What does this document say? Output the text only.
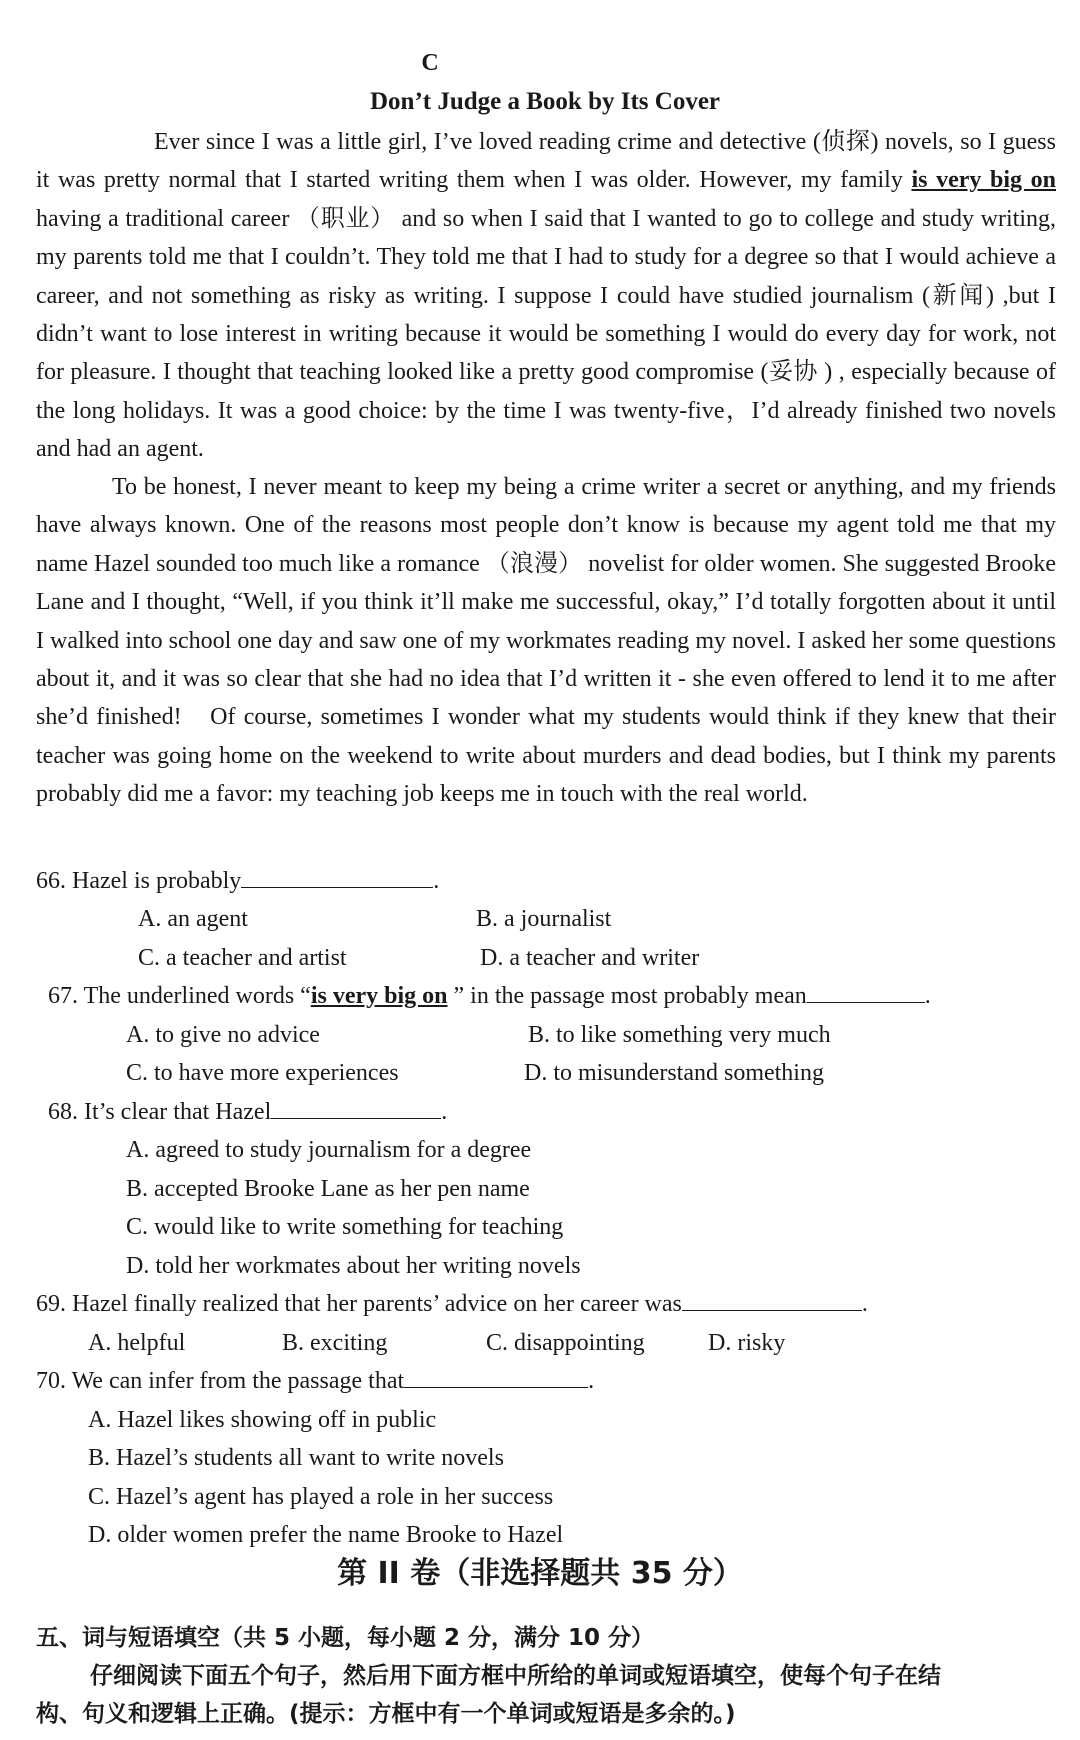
C
Don’t Judge a Book by Its Cover

Ever since I was a little girl, I’ve loved reading crime and detective (侦探) novels, so I guess it was pretty normal that I started writing them when I was older. However, my family is very big on having a traditional career （职业） and so when I said that I wanted to go to college and study writing, my parents told me that I couldn’t. They told me that I had to study for a degree so that I would achieve a career, and not something as risky as writing. I suppose I could have studied journalism (新闻) ,but I didn’t want to lose interest in writing because it would be something I would do every day for work, not for pleasure. I thought that teaching looked like a pretty good compromise (妥协 ) , especially because of the long holidays. It was a good choice: by the time I was twenty-five，I’d already finished two novels and had an agent.

To be honest, I never meant to keep my being a crime writer a secret or anything, and my friends have always known. One of the reasons most people don’t know is because my agent told me that my name Hazel sounded too much like a romance （浪漫） novelist for older women. She suggested Brooke Lane and I thought, “Well, if you think it’ll make me successful, okay,” I’d totally forgotten about it until I walked into school one day and saw one of my workmates reading my novel. I asked her some questions about it, and it was so clear that she had no idea that I’d written it - she even offered to lend it to me after she’d finished!　Of course, sometimes I wonder what my students would think if they knew that their teacher was going home on the weekend to write about murders and dead bodies, but I think my parents probably did me a favor: my teaching job keeps me in touch with the real world.

66. Hazel is probably	.
A. an agent	B. a journalist
C. a teacher and artist	D. a teacher and writer
67. The underlined words “is very big on ” in the passage most probably mean	.
A. to give no advice	B. to like something very much
C. to have more experiences	D. to misunderstand something
68. It’s clear that Hazel	.
A. agreed to study journalism for a degree
B. accepted Brooke Lane as her pen name
C. would like to write something for teaching
D. told her workmates about her writing novels
69. Hazel finally realized that her parents’ advice on her career was	.
A. helpful	B. exciting	C. disappointing	D. risky
70. We can infer from the passage that	.
A. Hazel likes showing off in public
B. Hazel’s students all want to write novels
C. Hazel’s agent has played a role in her success
D. older women prefer the name Brooke to Hazel
第 II 卷（非选择题共 35 分）
五、词与短语填空（共 5 小题，每小题 2 分，满分 10 分）
仔细阅读下面五个句子，然后用下面方框中所给的单词或短语填空，使每个句子在结
构、句义和逻辑上正确。(提示：方框中有一个单词或短语是多余的。)
